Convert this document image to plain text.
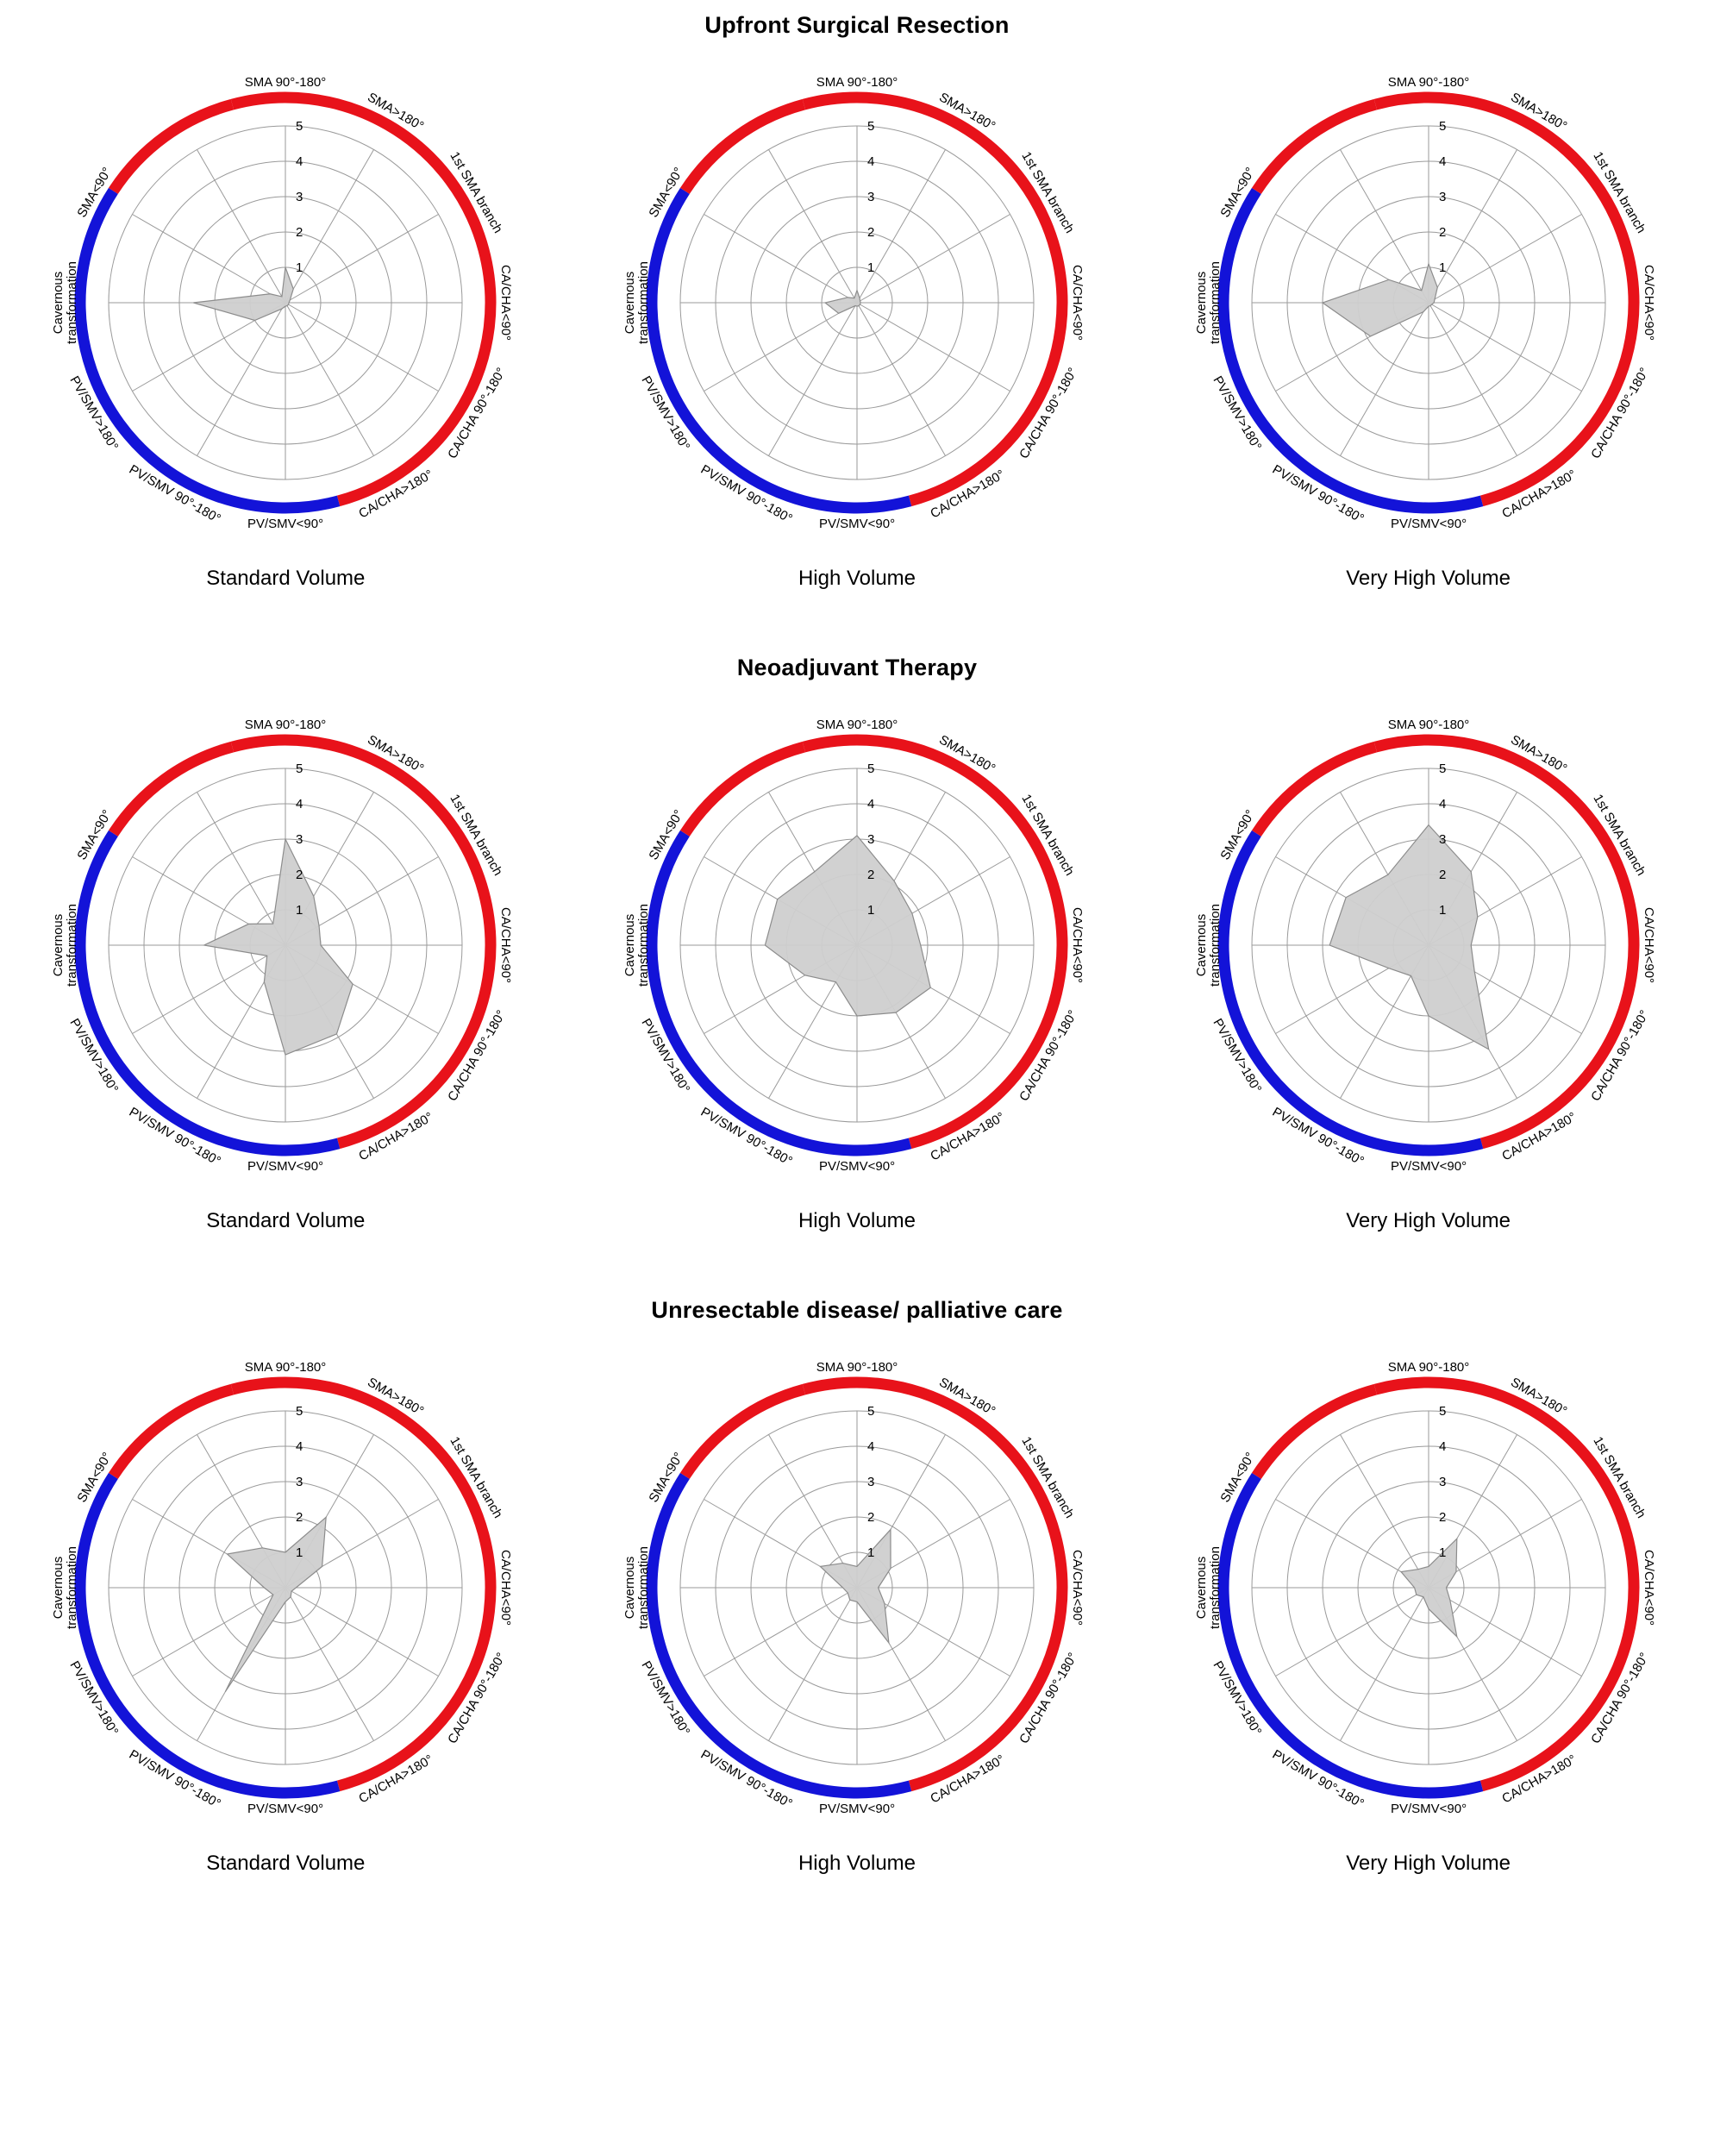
Upfront Surgical Resection
1
2
3
4
5
SMA 90°-180°
SMA>180°
1st SMA branch
CA/CHA<90°
CA/CHA 90°-180°
CA/CHA>180°
PV/SMV<90°
PV/SMV 90°-180°
PV/SMV>180°
Cavernous transformation
SMA<90°
Standard Volume
1
2
3
4
5
SMA 90°-180°
SMA>180°
1st SMA branch
CA/CHA<90°
CA/CHA 90°-180°
CA/CHA>180°
PV/SMV<90°
PV/SMV 90°-180°
PV/SMV>180°
Cavernous transformation
SMA<90°
High Volume
1
2
3
4
5
SMA 90°-180°
SMA>180°
1st SMA branch
CA/CHA<90°
CA/CHA 90°-180°
CA/CHA>180°
PV/SMV<90°
PV/SMV 90°-180°
PV/SMV>180°
Cavernous transformation
SMA<90°
Very High Volume
Neoadjuvant Therapy
1
2
3
4
5
SMA 90°-180°
SMA>180°
1st SMA branch
CA/CHA<90°
CA/CHA 90°-180°
CA/CHA>180°
PV/SMV<90°
PV/SMV 90°-180°
PV/SMV>180°
Cavernous transformation
SMA<90°
Standard Volume
1
2
3
4
5
SMA 90°-180°
SMA>180°
1st SMA branch
CA/CHA<90°
CA/CHA 90°-180°
CA/CHA>180°
PV/SMV<90°
PV/SMV 90°-180°
PV/SMV>180°
Cavernous transformation
SMA<90°
High Volume
1
2
3
4
5
SMA 90°-180°
SMA>180°
1st SMA branch
CA/CHA<90°
CA/CHA 90°-180°
CA/CHA>180°
PV/SMV<90°
PV/SMV 90°-180°
PV/SMV>180°
Cavernous transformation
SMA<90°
Very High Volume
Unresectable disease/ palliative care
1
2
3
4
5
SMA 90°-180°
SMA>180°
1st SMA branch
CA/CHA<90°
CA/CHA 90°-180°
CA/CHA>180°
PV/SMV<90°
PV/SMV 90°-180°
PV/SMV>180°
Cavernous transformation
SMA<90°
Standard Volume
1
2
3
4
5
SMA 90°-180°
SMA>180°
1st SMA branch
CA/CHA<90°
CA/CHA 90°-180°
CA/CHA>180°
PV/SMV<90°
PV/SMV 90°-180°
PV/SMV>180°
Cavernous transformation
SMA<90°
High Volume
1
2
3
4
5
SMA 90°-180°
SMA>180°
1st SMA branch
CA/CHA<90°
CA/CHA 90°-180°
CA/CHA>180°
PV/SMV<90°
PV/SMV 90°-180°
PV/SMV>180°
Cavernous transformation
SMA<90°
Very High Volume
